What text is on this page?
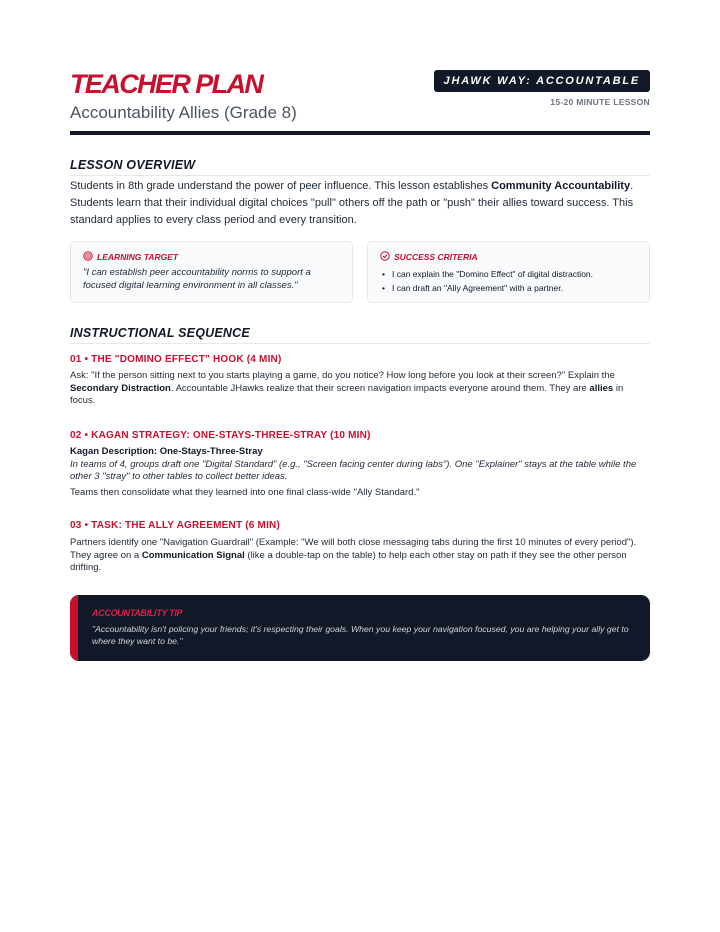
TEACHER PLAN
Accountability Allies (Grade 8)
JHAWK WAY: ACCOUNTABLE
15-20 MINUTE LESSON
LESSON OVERVIEW
Students in 8th grade understand the power of peer influence. This lesson establishes Community Accountability. Students learn that their individual digital choices "pull" others off the path or "push" their allies toward success. This standard applies to every class period and every transition.
LEARNING TARGET
"I can establish peer accountability norms to support a focused digital learning environment in all classes."
SUCCESS CRITERIA
• I can explain the "Domino Effect" of digital distraction.
• I can draft an "Ally Agreement" with a partner.
INSTRUCTIONAL SEQUENCE
01 • THE "DOMINO EFFECT" HOOK (4 MIN)
Ask: "If the person sitting next to you starts playing a game, do you notice? How long before you look at their screen?" Explain the Secondary Distraction. Accountable JHawks realize that their screen navigation impacts everyone around them. They are allies in focus.
02 • KAGAN STRATEGY: ONE-STAYS-THREE-STRAY (10 MIN)
Kagan Description: One-Stays-Three-Stray
In teams of 4, groups draft one "Digital Standard" (e.g., "Screen facing center during labs"). One "Explainer" stays at the table while the other 3 "stray" to other tables to collect better ideas.
Teams then consolidate what they learned into one final class-wide "Ally Standard."
03 • TASK: THE ALLY AGREEMENT (6 MIN)
Partners identify one "Navigation Guardrail" (Example: "We will both close messaging tabs during the first 10 minutes of every period"). They agree on a Communication Signal (like a double-tap on the table) to help each other stay on path if they see the other person drifting.
ACCOUNTABILITY TIP
"Accountability isn't policing your friends; it's respecting their goals. When you keep your navigation focused, you are helping your ally get to where they want to be."
